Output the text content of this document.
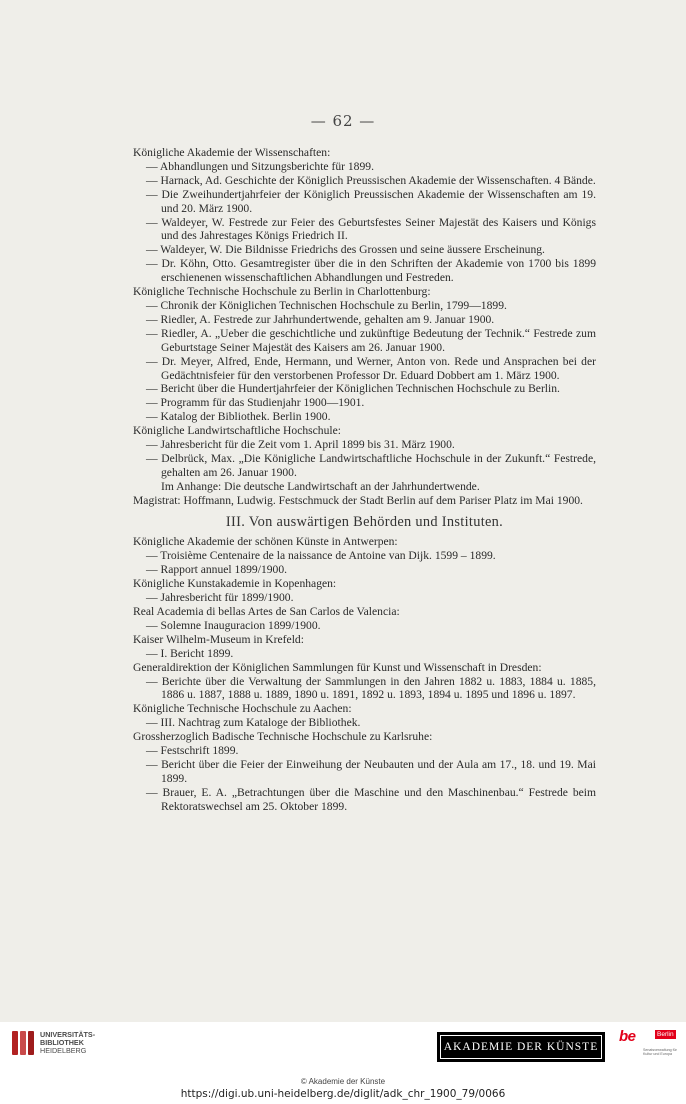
— 62 —
Königliche Akademie der Wissenschaften:
— Abhandlungen und Sitzungsberichte für 1899.
— Harnack, Ad. Geschichte der Königlich Preussischen Akademie der Wissenschaften. 4 Bände.
— Die Zweihundertjahrfeier der Königlich Preussischen Akademie der Wissenschaften am 19. und 20. März 1900.
— Waldeyer, W. Festrede zur Feier des Geburtsfestes Seiner Majestät des Kaisers und Königs und des Jahrestages Königs Friedrich II.
— Waldeyer, W. Die Bildnisse Friedrichs des Grossen und seine äussere Erscheinung.
— Dr. Köhn, Otto. Gesamtregister über die in den Schriften der Akademie von 1700 bis 1899 erschienenen wissenschaftlichen Abhandlungen und Festreden.
Königliche Technische Hochschule zu Berlin in Charlottenburg:
— Chronik der Königlichen Technischen Hochschule zu Berlin, 1799—1899.
— Riedler, A. Festrede zur Jahrhundertwende, gehalten am 9. Januar 1900.
— Riedler, A. „Ueber die geschichtliche und zukünftige Bedeutung der Technik.“ Festrede zum Geburtstage Seiner Majestät des Kaisers am 26. Januar 1900.
— Dr. Meyer, Alfred, Ende, Hermann, und Werner, Anton von. Rede und Ansprachen bei der Gedächtnisfeier für den verstorbenen Professor Dr. Eduard Dobbert am 1. März 1900.
— Bericht über die Hundertjahrfeier der Königlichen Technischen Hochschule zu Berlin.
— Programm für das Studienjahr 1900—1901.
— Katalog der Bibliothek. Berlin 1900.
Königliche Landwirtschaftliche Hochschule:
— Jahresbericht für die Zeit vom 1. April 1899 bis 31. März 1900.
— Delbrück, Max. „Die Königliche Landwirtschaftliche Hochschule in der Zukunft.“ Festrede, gehalten am 26. Januar 1900.
Im Anhange: Die deutsche Landwirtschaft an der Jahrhundertwende.
Magistrat: Hoffmann, Ludwig. Festschmuck der Stadt Berlin auf dem Pariser Platz im Mai 1900.
III. Von auswärtigen Behörden und Instituten.
Königliche Akademie der schönen Künste in Antwerpen:
— Troisième Centenaire de la naissance de Antoine van Dijk. 1599 – 1899.
— Rapport annuel 1899/1900.
Königliche Kunstakademie in Kopenhagen:
— Jahresbericht für 1899/1900.
Real Academia di bellas Artes de San Carlos de Valencia:
— Solemne Inauguracion 1899/1900.
Kaiser Wilhelm-Museum in Krefeld:
— I. Bericht 1899.
Generaldirektion der Königlichen Sammlungen für Kunst und Wissenschaft in Dresden:
— Berichte über die Verwaltung der Sammlungen in den Jahren 1882 u. 1883, 1884 u. 1885, 1886 u. 1887, 1888 u. 1889, 1890 u. 1891, 1892 u. 1893, 1894 u. 1895 und 1896 u. 1897.
Königliche Technische Hochschule zu Aachen:
— III. Nachtrag zum Kataloge der Bibliothek.
Grossherzoglich Badische Technische Hochschule zu Karlsruhe:
— Festschrift 1899.
— Bericht über die Feier der Einweihung der Neubauten und der Aula am 17., 18. und 19. Mai 1899.
— Brauer, E. A. „Betrachtungen über die Maschine und den Maschinenbau.“ Festrede beim Rektoratswechsel am 25. Oktober 1899.
UNIVERSITÄTS-
BIBLIOTHEK
HEIDELBERG	AKADEMIE DER KÜNSTE
be	Berlin
Senatsverwaltung für Kultur und Europa
© Akademie der Künste
https://digi.ub.uni-heidelberg.de/diglit/adk_chr_1900_79/0066
